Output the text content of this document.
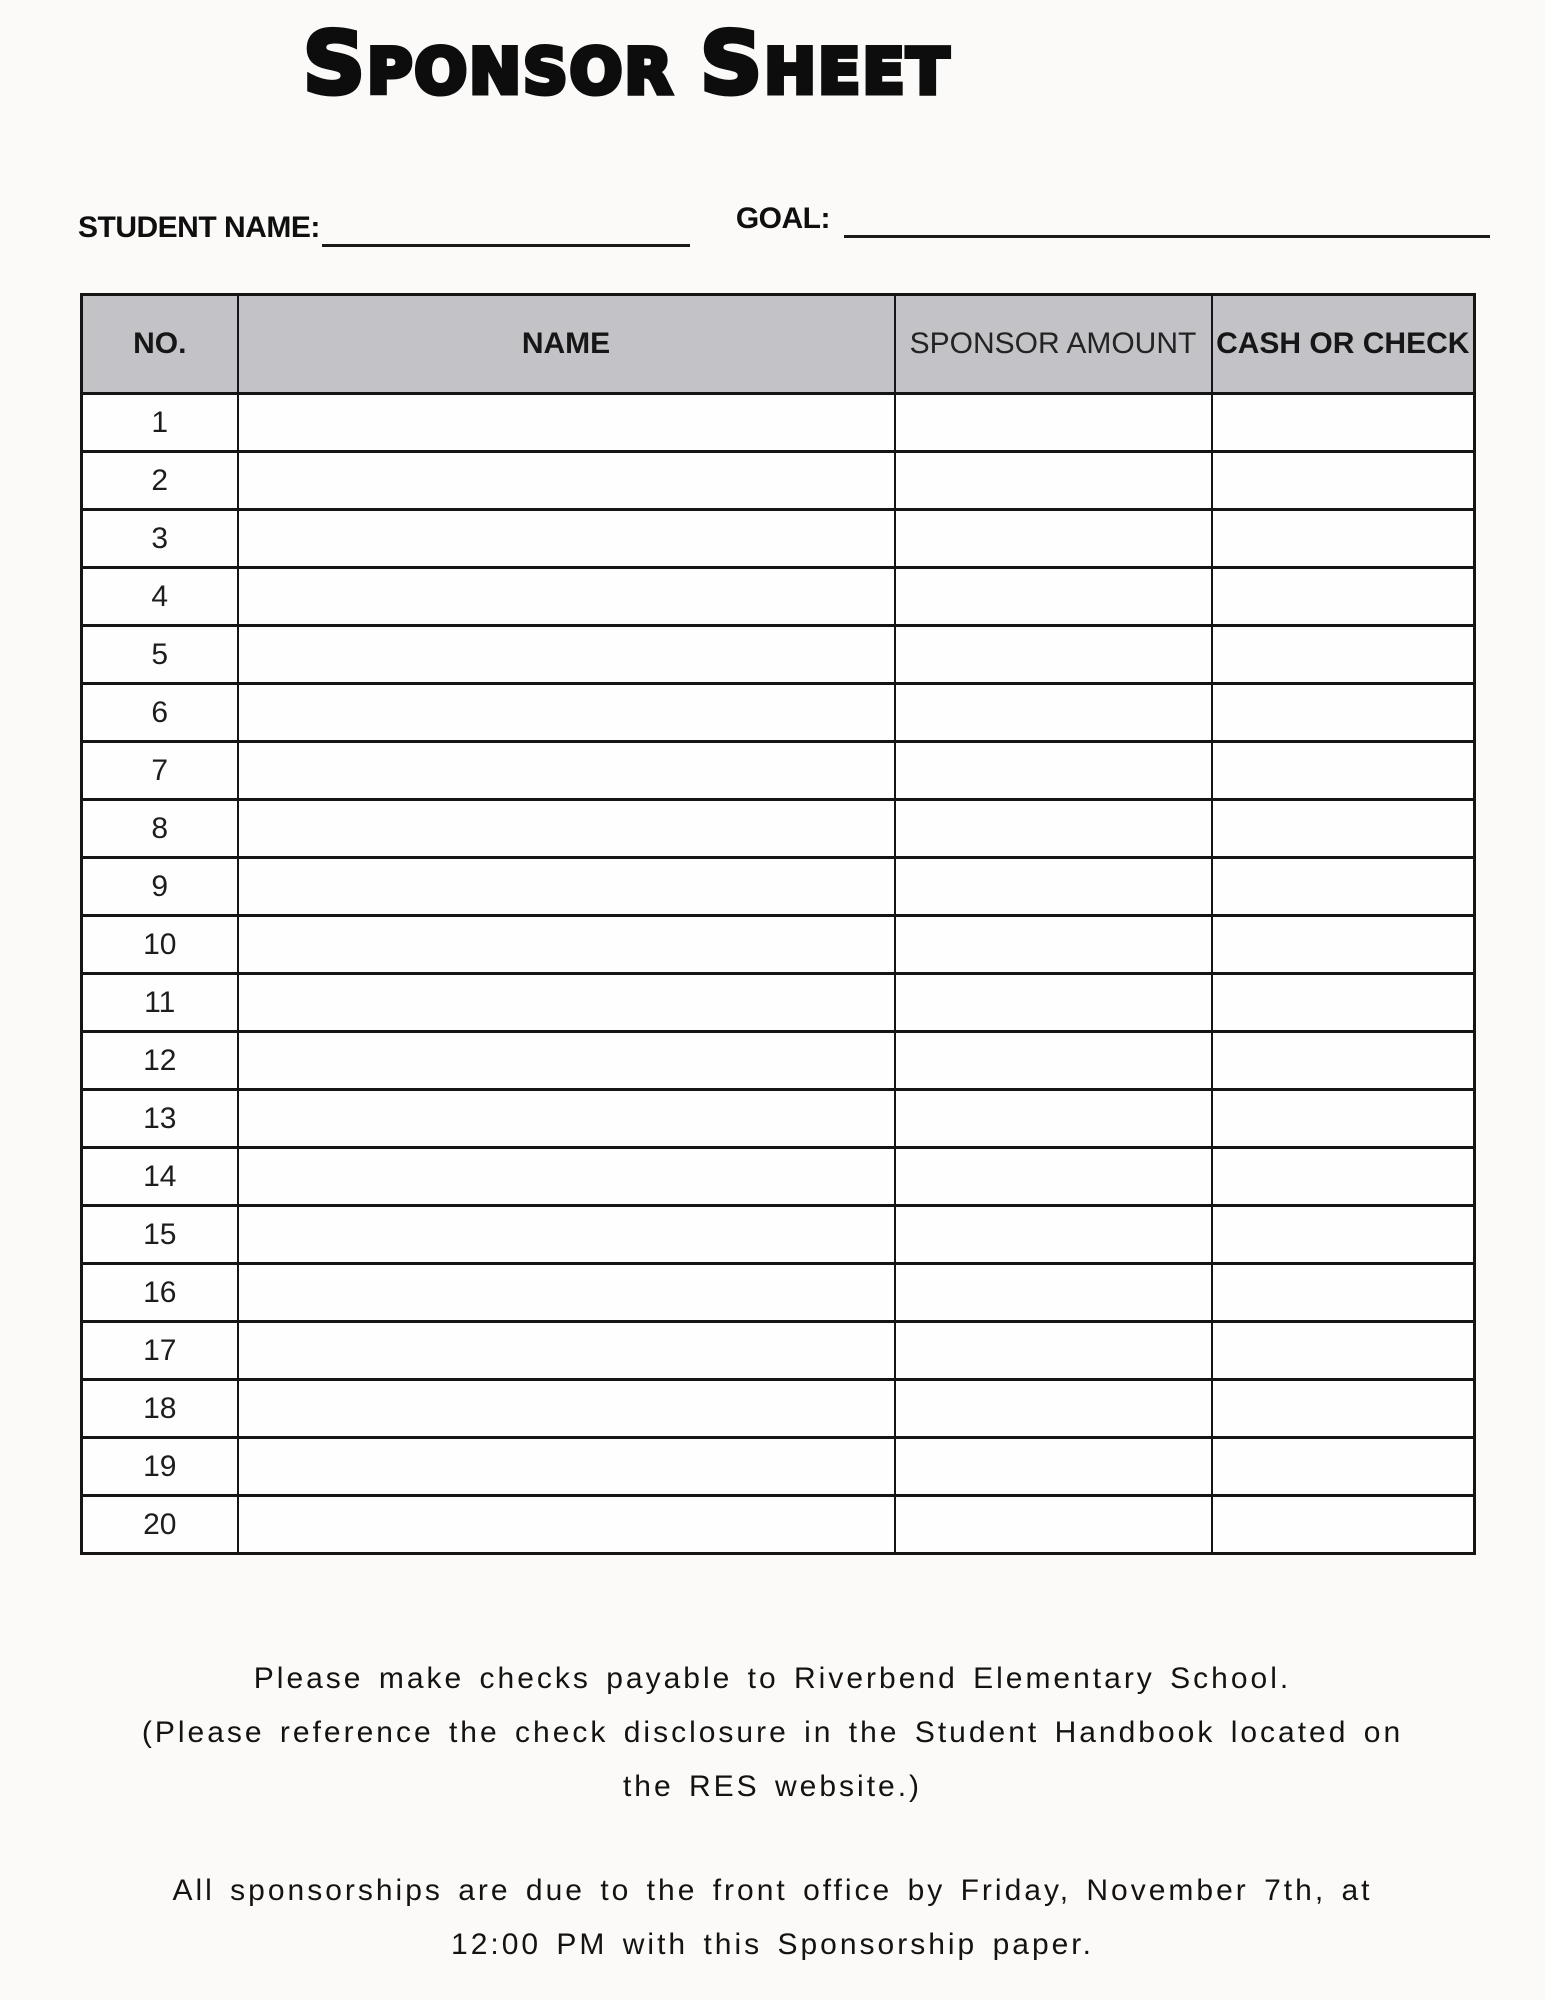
SPONSOR SHEET
STUDENT NAME:	GOAL:
NO.	NAME	SPONSOR AMOUNT	CASH OR CHECK
1			
2			
3			
4			
5			
6			
7			
8			
9			
10			
11			
12			
13			
14			
15			
16			
17			
18			
19			
20			

Please make checks payable to Riverbend Elementary School.

(Please reference the check disclosure in the Student Handbook located on

the RES website.)

All sponsorships are due to the front office by Friday, November 7th, at

12:00 PM with this Sponsorship paper.
